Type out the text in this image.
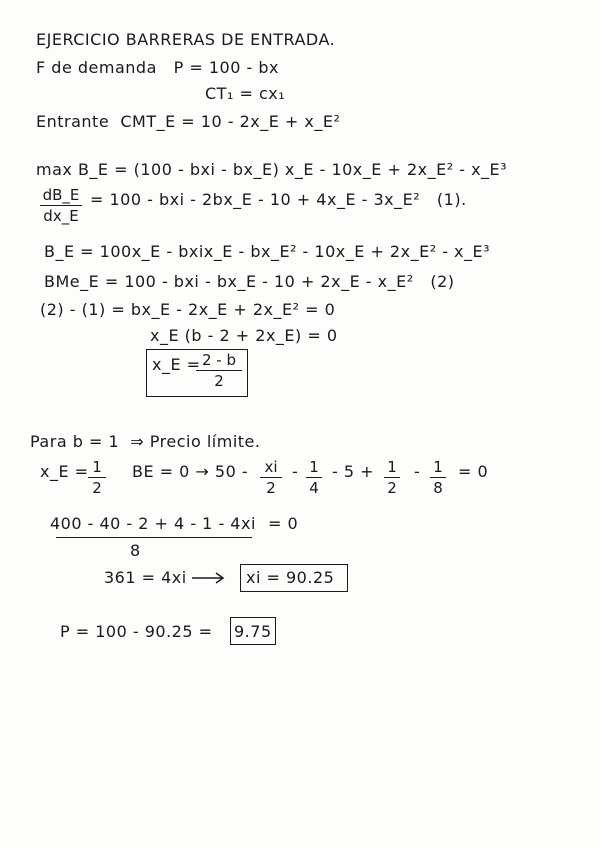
EJERCICIO BARRERAS DE ENTRADA.
F de demanda   P = 100 - bx
CT₁ = cx₁
Entrante  CMT_E = 10 - 2x_E + x_E²
max B_E = (100 - bxi - bx_E) x_E - 10x_E + 2x_E² - x_E³
dB_E
dx_E
= 100 - bxi - 2bx_E - 10 + 4x_E - 3x_E²   (1).
B_E = 100x_E - bxix_E - bx_E² - 10x_E + 2x_E² - x_E³
BMe_E = 100 - bxi - bx_E - 10 + 2x_E - x_E²   (2)
(2) - (1) = bx_E - 2x_E + 2x_E² = 0
x_E (b - 2 + 2x_E) = 0
x_E = 2 - b
2
Para b = 1  ⇒ Precio límite.
x_E = 1
2
BE = 0 → 50 - xi
2
- 1
4
- 5 + 1
2
- 1
8
= 0
400 - 40 - 2 + 4 - 1 - 4xi = 0
8
361 = 4xi	xi = 90.25
P = 100 - 90.25 = 9.75
